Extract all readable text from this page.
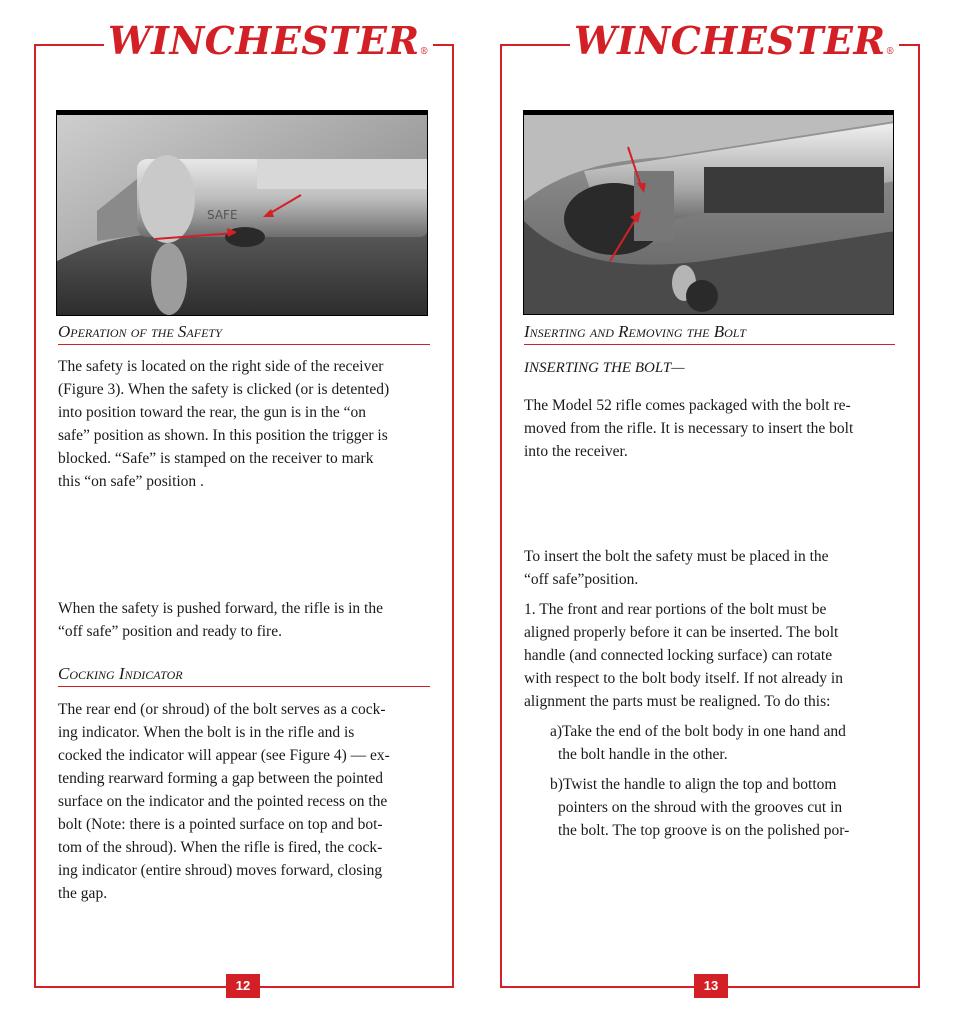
WINCHESTER®
SAFE
Operation of the Safety

The safety is located on the right side of the receiver
(Figure 3). When the safety is clicked (or is detented)
into position toward the rear, the gun is in the “on
safe” position as shown. In this position the trigger is
blocked. “Safe” is stamped on the receiver to mark
this “on safe” position .

When the safety is pushed forward, the rifle is in the
“off safe” position and ready to fire.

Cocking Indicator

The rear end (or shroud) of the bolt serves as a cock-
ing indicator. When the bolt is in the rifle and is
cocked the indicator will appear (see Figure 4) — ex-
tending rearward forming a gap between the pointed
surface on the indicator and the pointed recess on the
bolt (Note: there is a pointed surface on top and bot-
tom of the shroud). When the rifle is fired, the cock-
ing indicator (entire shroud) moves forward, closing
the gap.

12
WINCHESTER®
Inserting and Removing the Bolt
INSERTING THE BOLT—

The Model 52 rifle comes packaged with the bolt re-
moved from the rifle. It is necessary to insert the bolt
into the receiver.

To insert the bolt the safety must be placed in the
“off safe”position.

1. The front and rear portions of the bolt must be
aligned properly before it can be inserted. The bolt
handle (and connected locking surface) can rotate
with respect to the bolt body itself. If not already in
alignment the parts must be realigned. To do this:

a)Take the end of the bolt body in one hand and
the bolt handle in the other.

b)Twist the handle to align the top and bottom
pointers on the shroud with the grooves cut in
the bolt. The top groove is on the polished por-

13
